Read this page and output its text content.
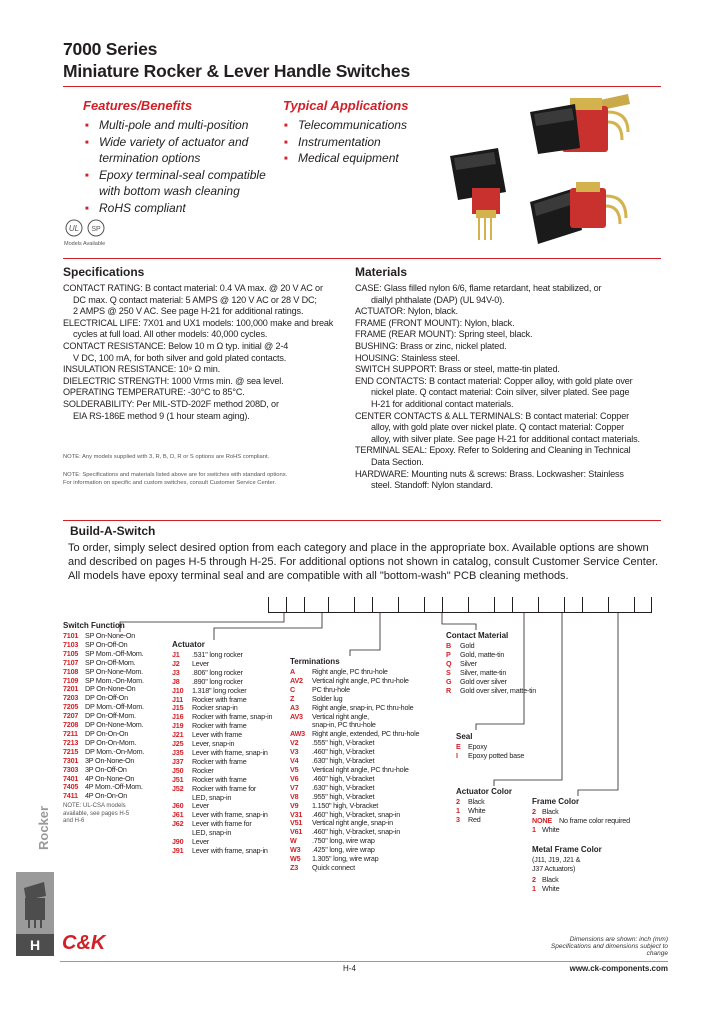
7000 Series
Miniature Rocker & Lever Handle Switches
Features/Benefits
■ Multi-pole and multi-position
■ Wide variety of actuator and termination options
■ Epoxy terminal-seal compatible with bottom wash cleaning
■ RoHS compliant
UL SP
Models Available
Typical Applications
■ Telecommunications
■ Instrumentation
■ Medical equipment
Specifications
CONTACT RATING: B contact material: 0.4 VA max. @ 20 V AC or
DC max. Q contact material: 5 AMPS @ 120 V AC or 28 V DC;
2 AMPS @ 250 V AC. See page H-21 for additional ratings.
ELECTRICAL LIFE: 7X01 and UX1 models: 100,000 make and break
cycles at full load. All other models: 40,000 cycles.
CONTACT RESISTANCE: Below 10 m Ω typ. initial @ 2-4
V DC, 100 mA, for both silver and gold plated contacts.
INSULATION RESISTANCE: 10⁹ Ω min.
DIELECTRIC STRENGTH: 1000 Vrms min. @ sea level.
OPERATING TEMPERATURE: -30°C to 85°C.
SOLDERABILITY: Per MIL-STD-202F method 208D, or
EIA RS-186E method 9 (1 hour steam aging).
NOTE: Any models supplied with 3, R, B, D, R or S options are RoHS compliant.
NOTE: Specifications and materials listed above are for switches with standard options.
For information on specific and custom switches, consult Customer Service Center.
Materials
CASE: Glass filled nylon 6/6, flame retardant, heat stabilized, or
diallyl phthalate (DAP) (UL 94V-0).
ACTUATOR: Nylon, black.
FRAME (FRONT MOUNT): Nylon, black.
FRAME (REAR MOUNT): Spring steel, black.
BUSHING: Brass or zinc, nickel plated.
HOUSING: Stainless steel.
SWITCH SUPPORT: Brass or steel, matte-tin plated.
END CONTACTS: B contact material: Copper alloy, with gold plate over
nickel plate. Q contact material: Coin silver, silver plated. See page
H-21 for additional contact materials.
CENTER CONTACTS & ALL TERMINALS: B contact material: Copper
alloy, with gold plate over nickel plate. Q contact material: Copper
alloy, with silver plate. See page H-21 for additional contact materials.
TERMINAL SEAL: Epoxy. Refer to Soldering and Cleaning in Technical
Data Section.
HARDWARE: Mounting nuts & screws: Brass. Lockwasher: Stainless
steel. Standoff: Nylon standard.
Build-A-Switch
To order, simply select desired option from each category and place in the appropriate box. Available options are shown and described on pages H-5 through H-25. For additional options not shown in catalog, consult Customer Service Center. All models have epoxy terminal seal and are compatible with all "bottom-wash" PCB cleaning methods.
Switch Function
7101 SP On-None-On
7103 SP On-Off-On
7105 SP Mom.-Off-Mom.
7107 SP On-Off-Mom.
7108 SP On-None-Mom.
7109 SP Mom.-On-Mom.
7201 DP On-None-On
7203 DP On-Off-On
7205 DP Mom.-Off-Mom.
7207 DP On-Off-Mom.
7208 DP On-None-Mom.
7211 DP On-On-On
7213 DP On-On-Mom.
7215 DP Mom.-On-Mom.
7301 3P On-None-On
7303 3P On-Off-On
7401 4P On-None-On
7405 4P Mom.-Off-Mom.
7411 4P On-On-On
NOTE: UL-CSA models
available, see pages H-5
and H-6
Actuator
J1 .531" long rocker
J2 Lever
J3 .806" long rocker
J8 .890" long rocker
J10 1.318" long rocker
J11 Rocker with frame
J15 Rocker snap-in
J16 Rocker with frame, snap-in
J19 Rocker with frame
J21 Lever with frame
J25 Lever, snap-in
J35 Lever with frame, snap-in
J37 Rocker with frame
J50 Rocker
J51 Rocker with frame
J52 Rocker with frame for
LED, snap-in
J60 Lever
J61 Lever with frame, snap-in
J62 Lever with frame for
LED, snap-in
J90 Lever
J91 Lever with frame, snap-in
Terminations
A Right angle, PC thru-hole
AV2 Vertical right angle, PC thru-hole
C PC thru-hole
Z Solder lug
A3 Right angle, snap-in, PC thru-hole
AV3 Vertical right angle,
snap-in, PC thru-hole
AW3 Right angle, extended, PC thru-hole
V2 .555" high, V-bracket
V3 .460" high, V-bracket
V4 .630" high, V-bracket
V5 Vertical right angle, PC thru-hole
V6 .460" high, V-bracket
V7 .630" high, V-bracket
V8 .955" high, V-bracket
V9 1.150" high, V-bracket
V31 .460" high, V-bracket, snap-in
V51 Vertical right angle, snap-in
V61 .460" high, V-bracket, snap-in
W .750" long, wire wrap
W3 .425" long, wire wrap
W5 1.305" long, wire wrap
Z3 Quick connect
Contact Material
B Gold
P Gold, matte-tin
Q Silver
S Silver, matte-tin
G Gold over silver
R Gold over silver, matte-tin
Seal
E Epoxy
I Epoxy potted base
Actuator Color
2 Black
1 White
3 Red
Frame Color
2 Black
NONE No frame color required
1 White
Metal Frame Color
(J11, J19, J21 &
J37 Actuators)
2 Black
1 White
Rocker
H	C&K	Dimensions are shown: inch (mm)
Specifications and dimensions subject to change
H-4	www.ck-components.com
